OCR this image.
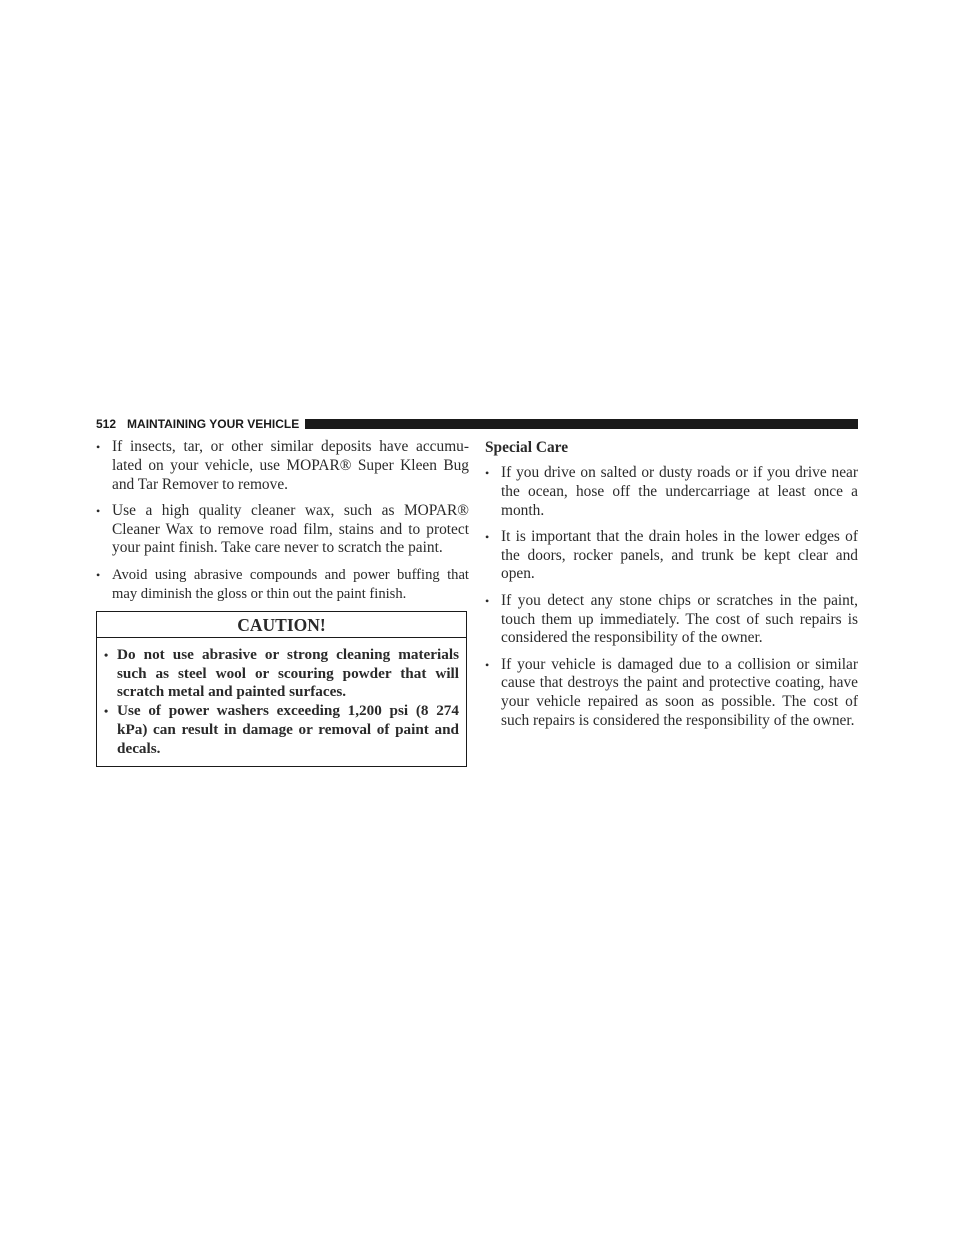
512 MAINTAINING YOUR VEHICLE
• If insects, tar, or other similar deposits have accumu- lated on your vehicle, use MOPAR® Super Kleen Bug and Tar Remover to remove.
• Use a high quality cleaner wax, such as MOPAR® Cleaner Wax to remove road film, stains and to protect your paint finish. Take care never to scratch the paint.
• Avoid using abrasive compounds and power buffing that may diminish the gloss or thin out the paint finish.
CAUTION!
• Do not use abrasive or strong cleaning materials such as steel wool or scouring powder that will scratch metal and painted surfaces.
• Use of power washers exceeding 1,200 psi (8 274 kPa) can result in damage or removal of paint and decals.
Special Care
• If you drive on salted or dusty roads or if you drive near the ocean, hose off the undercarriage at least once a month.
• It is important that the drain holes in the lower edges of the doors, rocker panels, and trunk be kept clear and open.
• If you detect any stone chips or scratches in the paint, touch them up immediately. The cost of such repairs is considered the responsibility of the owner.
• If your vehicle is damaged due to a collision or similar cause that destroys the paint and protective coating, have your vehicle repaired as soon as possible. The cost of such repairs is considered the responsibility of the owner.
